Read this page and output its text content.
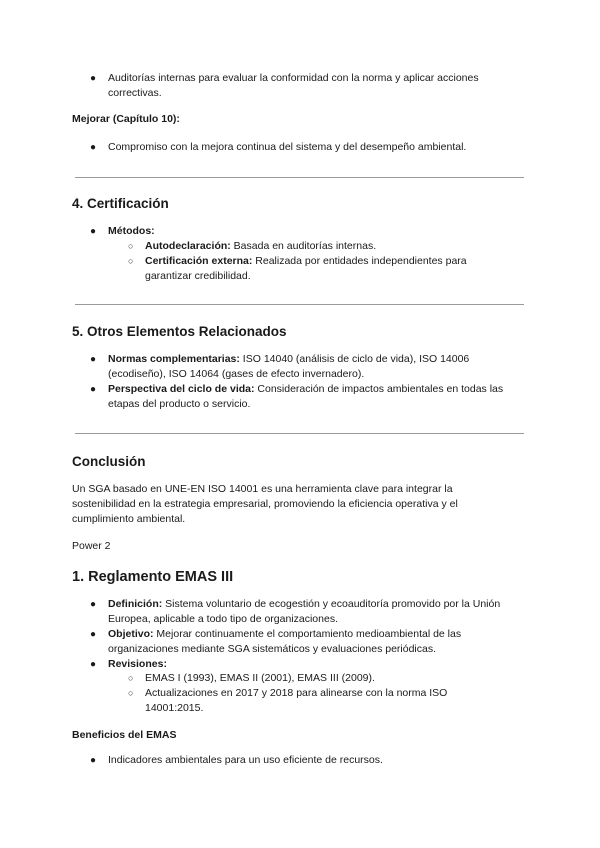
● Auditorías internas para evaluar la conformidad con la norma y aplicar acciones
correctivas.
Mejorar (Capítulo 10):
● Compromiso con la mejora continua del sistema y del desempeño ambiental.
4. Certificación
● Métodos:
○ Autodeclaración: Basada en auditorías internas.
○ Certificación externa: Realizada por entidades independientes para
garantizar credibilidad.
5. Otros Elementos Relacionados
● Normas complementarias: ISO 14040 (análisis de ciclo de vida), ISO 14006
(ecodiseño), ISO 14064 (gases de efecto invernadero).
● Perspectiva del ciclo de vida: Consideración de impactos ambientales en todas las
etapas del producto o servicio.
Conclusión
Un SGA basado en UNE-EN ISO 14001 es una herramienta clave para integrar la
sostenibilidad en la estrategia empresarial, promoviendo la eficiencia operativa y el
cumplimiento ambiental.
Power 2
1. Reglamento EMAS III
● Definición: Sistema voluntario de ecogestión y ecoauditoría promovido por la Unión
Europea, aplicable a todo tipo de organizaciones.
● Objetivo: Mejorar continuamente el comportamiento medioambiental de las
organizaciones mediante SGA sistemáticos y evaluaciones periódicas.
● Revisiones:
○ EMAS I (1993), EMAS II (2001), EMAS III (2009).
○ Actualizaciones en 2017 y 2018 para alinearse con la norma ISO
14001:2015.
Beneficios del EMAS
● Indicadores ambientales para un uso eficiente de recursos.
